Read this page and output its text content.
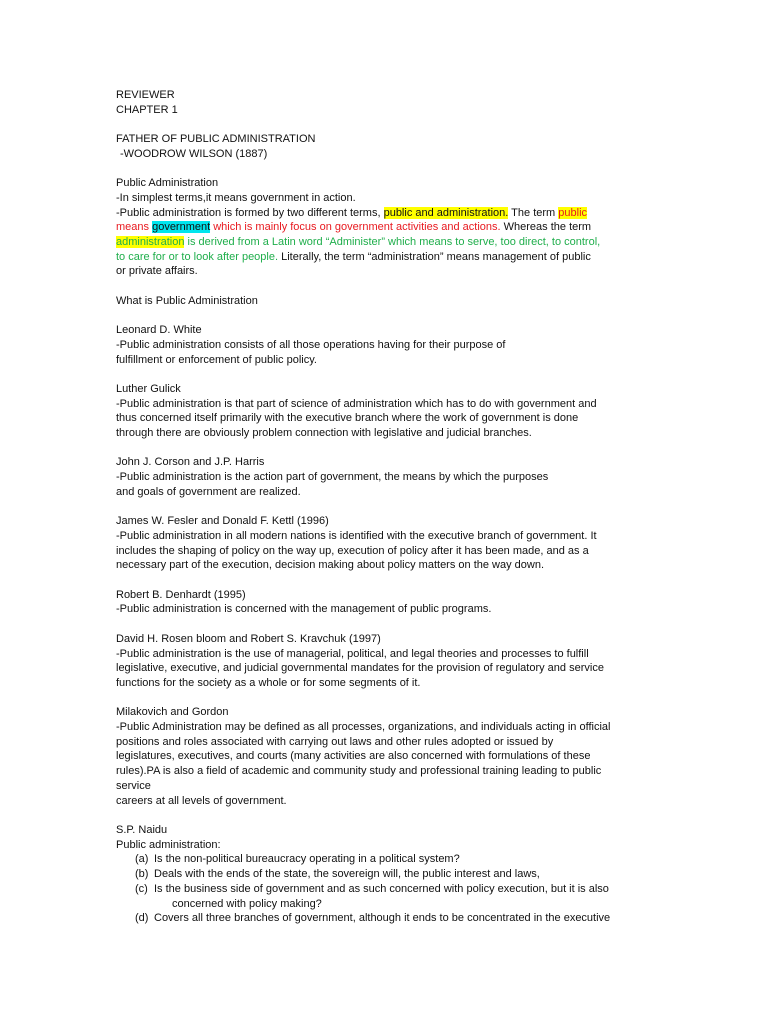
REVIEWER
CHAPTER 1
FATHER OF PUBLIC ADMINISTRATION
-WOODROW WILSON (1887)
Public Administration
-In simplest terms,it means government in action.
-Public administration is formed by two different terms, public and administration. The term public
means government which is mainly focus on government activities and actions. Whereas the term
administration is derived from a Latin word “Administer” which means to serve, too direct, to control,
to care for or to look after people. Literally, the term “administration” means management of public
or private affairs.
What is Public Administration
Leonard D. White
-Public administration consists of all those operations having for their purpose of
fulfillment or enforcement of public policy.
Luther Gulick
-Public administration is that part of science of administration which has to do with government and
thus concerned itself primarily with the executive branch where the work of government is done
through there are obviously problem connection with legislative and judicial branches.
John J. Corson and J.P. Harris
-Public administration is the action part of government, the means by which the purposes
and goals of government are realized.
James W. Fesler and Donald F. Kettl (1996)
-Public administration in all modern nations is identified with the executive branch of government. It
includes the shaping of policy on the way up, execution of policy after it has been made, and as a
necessary part of the execution, decision making about policy matters on the way down.
Robert B. Denhardt (1995)
-Public administration is concerned with the management of public programs.
David H. Rosen bloom and Robert S. Kravchuk (1997)
-Public administration is the use of managerial, political, and legal theories and processes to fulfill
legislative, executive, and judicial governmental mandates for the provision of regulatory and service
functions for the society as a whole or for some segments of it.
Milakovich and Gordon
-Public Administration may be defined as all processes, organizations, and individuals acting in official
positions and roles associated with carrying out laws and other rules adopted or issued by
legislatures, executives, and courts (many activities are also concerned with formulations of these
rules).PA is also a field of academic and community study and professional training leading to public
service
careers at all levels of government.
S.P. Naidu
Public administration:
(a) Is the non-political bureaucracy operating in a political system?
(b) Deals with the ends of the state, the sovereign will, the public interest and laws,
(c) Is the business side of government and as such concerned with policy execution, but it is also
concerned with policy making?
(d) Covers all three branches of government, although it ends to be concentrated in the executive
